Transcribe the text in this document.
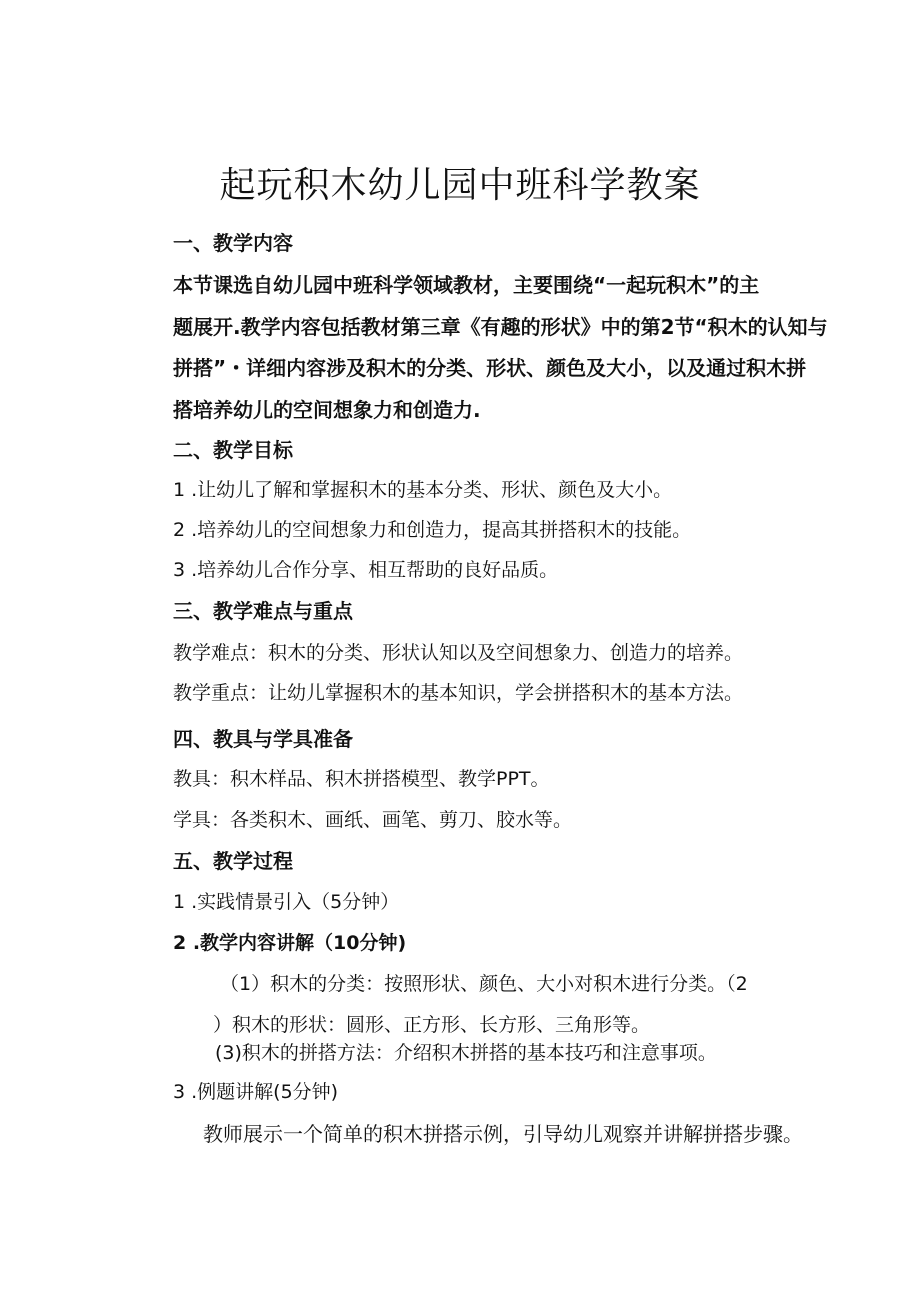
起玩积木幼儿园中班科学教案
一、教学内容
本节课选自幼儿园中班科学领域教材，主要围绕“一起玩积木”的主
题展开.教学内容包括教材第三章《有趣的形状》中的第2节“积木的认知与
拼搭”・详细内容涉及积木的分类、形状、颜色及大小，以及通过积木拼
搭培养幼儿的空间想象力和创造力.
二、教学目标

1 .让幼儿了解和掌握积木的基本分类、形状、颜色及大小。

2 .培养幼儿的空间想象力和创造力，提高其拼搭积木的技能。

3 .培养幼儿合作分享、相互帮助的良好品质。

三、教学难点与重点

教学难点：积木的分类、形状认知以及空间想象力、创造力的培养。

教学重点：让幼儿掌握积木的基本知识，学会拼搭积木的基本方法。

四、教具与学具准备

教具：积木样品、积木拼搭模型、教学PPT。

学具：各类积木、画纸、画笔、剪刀、胶水等。

五、教学过程

1 .实践情景引入（5分钟）

2 .教学内容讲解（10分钟)

（1）积木的分类：按照形状、颜色、大小对积木进行分类。（2

）积木的形状：圆形、正方形、长方形、三角形等。

(3)积木的拼搭方法：介绍积木拼搭的基本技巧和注意事项。

3 .例题讲解(5分钟)

教师展示一个简单的积木拼搭示例，引导幼儿观察并讲解拼搭步骤。
